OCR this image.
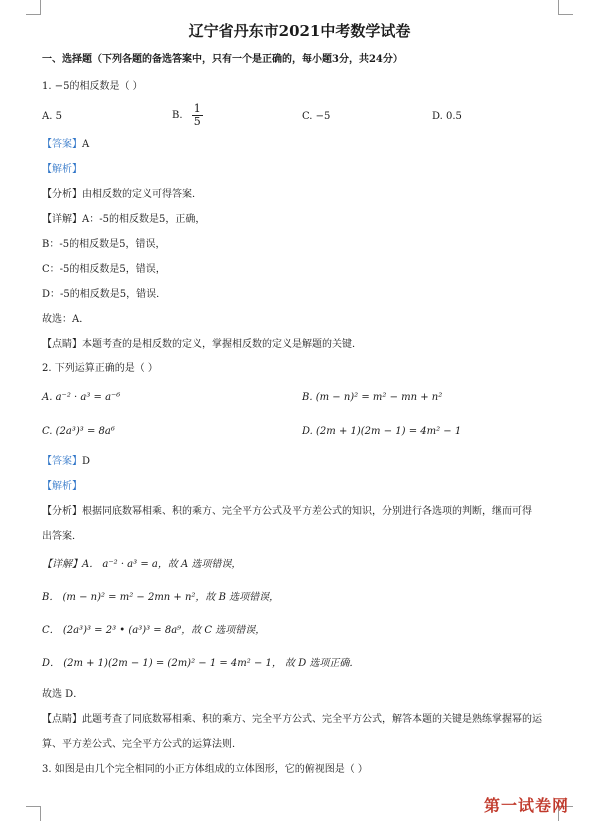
辽宁省丹东市2021中考数学试卷
一、选择题（下列各题的备选答案中，只有一个是正确的，每小题3分，共24分）
1. −5的相反数是（ ）
A. 5	B. $\frac{1}{5}$	C. −5	D. 0.5
【答案】A
【解析】
【分析】由相反数的定义可得答案．
【详解】A：-5的相反数是5，正确，
B：-5的相反数是5，错误，
C：-5的相反数是5，错误，
D：-5的相反数是5，错误．
故选：A．
【点睛】本题考查的是相反数的定义，掌握相反数的定义是解题的关键．
2. 下列运算正确的是（ ）
A. a⁻² · a³ = a⁻⁶	B. (m − n)² = m² − mn + n²
C. (2a³)³ = 8a⁶	D. (2m + 1)(2m − 1) = 4m² − 1
【答案】D
【解析】
【分析】根据同底数幂相乘、积的乘方、完全平方公式及平方差公式的知识，分别进行各选项的判断，继而可得
出答案．
【详解】A． a⁻² · a³ = a，故 A 选项错误，
B． (m − n)² = m² − 2mn + n²，故 B 选项错误，
C． (2a³)³ = 2³ • (a³)³ = 8a⁹，故 C 选项错误，
D． (2m + 1)(2m − 1) = (2m)² − 1 = 4m² − 1， 故 D 选项正确．
故选 D．
【点睛】此题考查了同底数幂相乘、积的乘方、完全平方公式、完全平方公式，解答本题的关键是熟练掌握幂的运
算、平方差公式、完全平方公式的运算法则．
3. 如图是由几个完全相同的小正方体组成的立体图形，它的俯视图是（ ）
第一试卷网
